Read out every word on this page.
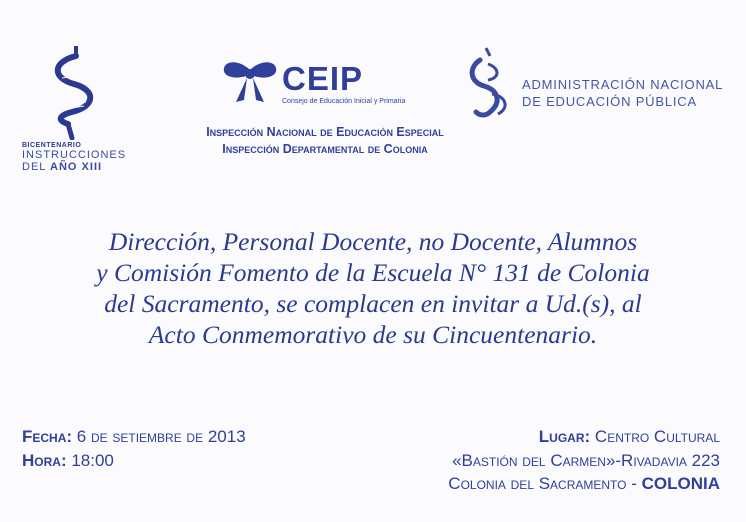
BICENTENARIO
INSTRUCCIONES
DEL AÑO XIII
CEIP
Consejo de Educación Inicial y Primaria
Inspección Nacional de Educación Especial
Inspección Departamental de Colonia
ADMINISTRACIÓN NACIONAL
DE EDUCACIÓN PÚBLICA
Dirección, Personal Docente, no Docente, Alumnos
y Comisión Fomento de la Escuela N° 131 de Colonia
del Sacramento, se complacen en invitar a Ud.(s), al
Acto Conmemorativo de su Cincuentenario.
Fecha: 6 de setiembre de 2013
Hora: 18:00
Lugar: Centro Cultural
«Bastión del Carmen»-Rivadavia 223
Colonia del Sacramento - COLONIA
